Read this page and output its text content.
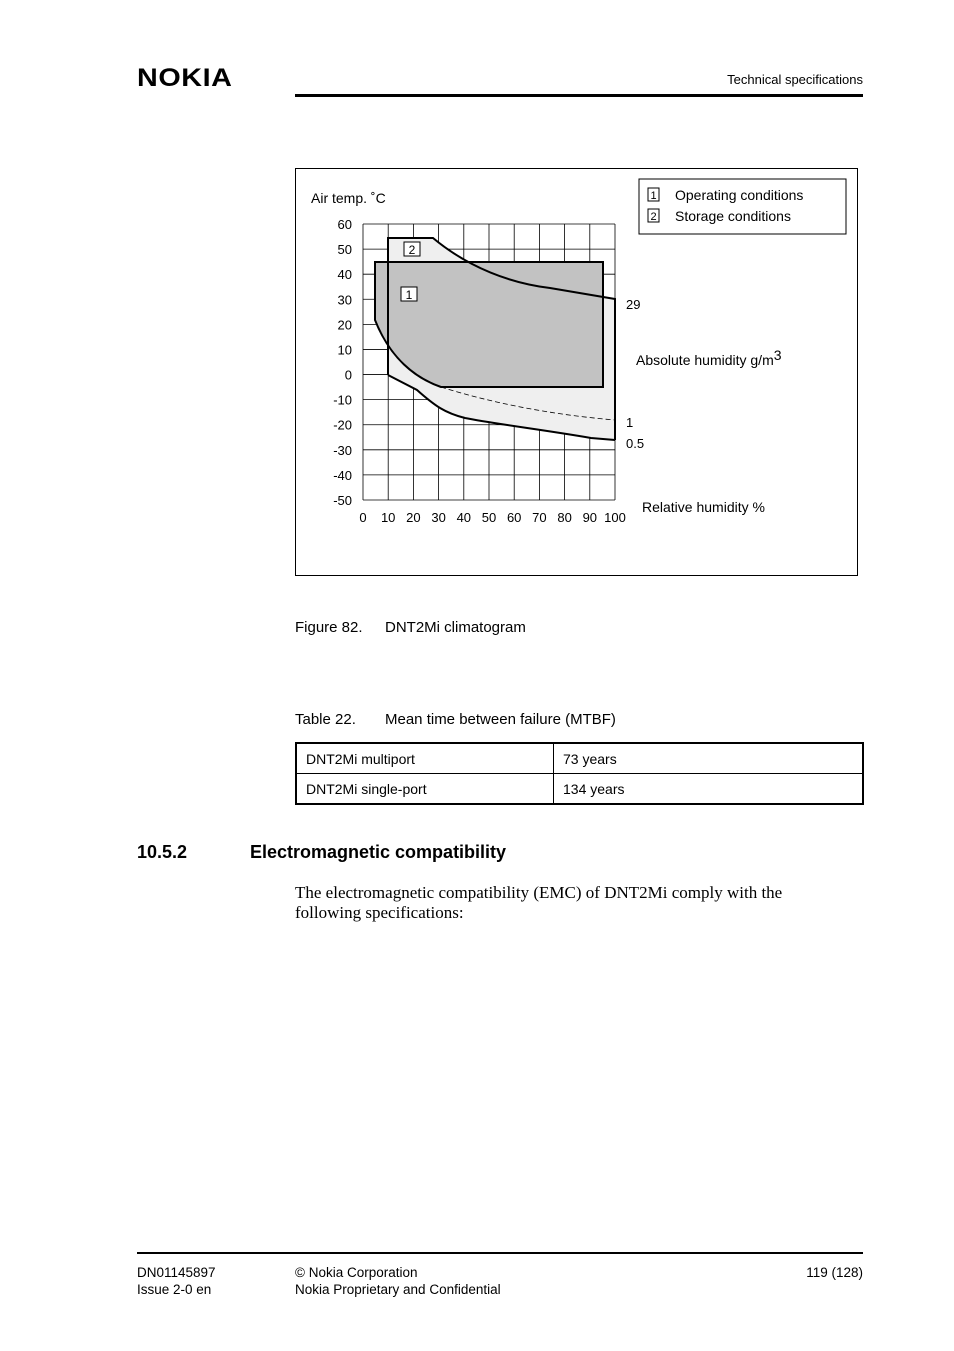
NOKIA	Technical specifications
2
1
Air temp. ˚C
Relative humidity %
Absolute humidity g/m3
60
50
40
30
20
10
0
-10
-20
-30
-40
-50
0 10 20 30 40 50 60 70 80 90 100
29
1
0.5
1 Operating conditions
2 Storage conditions
Figure 82. DNT2Mi climatogram
Table 22. Mean time between failure (MTBF)
DNT2Mi multiport	73 years
DNT2Mi single-port	134 years
10.5.2	Electromagnetic compatibility
The electromagnetic compatibility (EMC) of DNT2Mi comply with the following specifications:
DN01145897
Issue 2-0 en
© Nokia Corporation
Nokia Proprietary and Confidential
119 (128)
